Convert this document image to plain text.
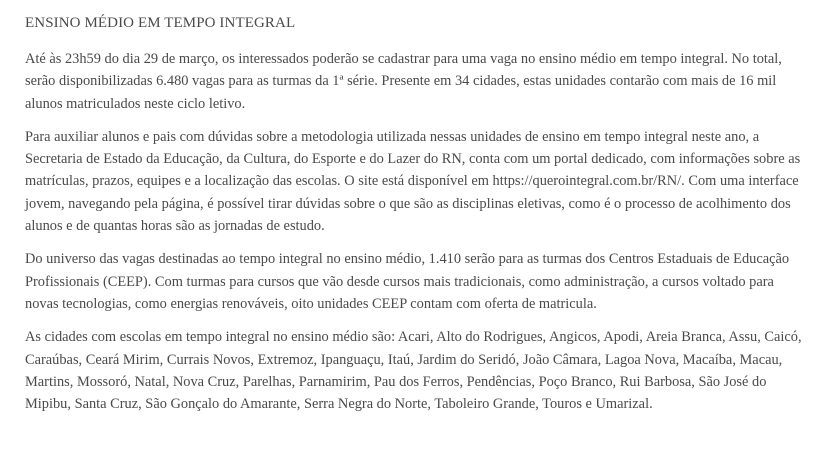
ENSINO MÉDIO EM TEMPO INTEGRAL

Até às 23h59 do dia 29 de março, os interessados poderão se cadastrar para uma vaga no ensino médio em tempo integral. No total, serão disponibilizadas 6.480 vagas para as turmas da 1ª série. Presente em 34 cidades, estas unidades contarão com mais de 16 mil alunos matriculados neste ciclo letivo.

Para auxiliar alunos e pais com dúvidas sobre a metodologia utilizada nessas unidades de ensino em tempo integral neste ano, a Secretaria de Estado da Educação, da Cultura, do Esporte e do Lazer do RN, conta com um portal dedicado, com informações sobre as matrículas, prazos, equipes e a localização das escolas. O site está disponível em https://querointegral.com.br/RN/. Com uma interface jovem, navegando pela página, é possível tirar dúvidas sobre o que são as disciplinas eletivas, como é o processo de acolhimento dos alunos e de quantas horas são as jornadas de estudo.

Do universo das vagas destinadas ao tempo integral no ensino médio, 1.410 serão para as turmas dos Centros Estaduais de Educação Profissionais (CEEP). Com turmas para cursos que vão desde cursos mais tradicionais, como administração, a cursos voltado para novas tecnologias, como energias renováveis, oito unidades CEEP contam com oferta de matricula.

As cidades com escolas em tempo integral no ensino médio são: Acari, Alto do Rodrigues, Angicos, Apodi, Areia Branca, Assu, Caicó, Caraúbas, Ceará Mirim, Currais Novos, Extremoz, Ipanguaçu, Itaú, Jardim do Seridó, João Câmara, Lagoa Nova, Macaíba, Macau, Martins, Mossoró, Natal, Nova Cruz, Parelhas, Parnamirim, Pau dos Ferros, Pendências, Poço Branco, Rui Barbosa, São José do Mipibu, Santa Cruz, São Gonçalo do Amarante, Serra Negra do Norte, Taboleiro Grande, Touros e Umarizal.
